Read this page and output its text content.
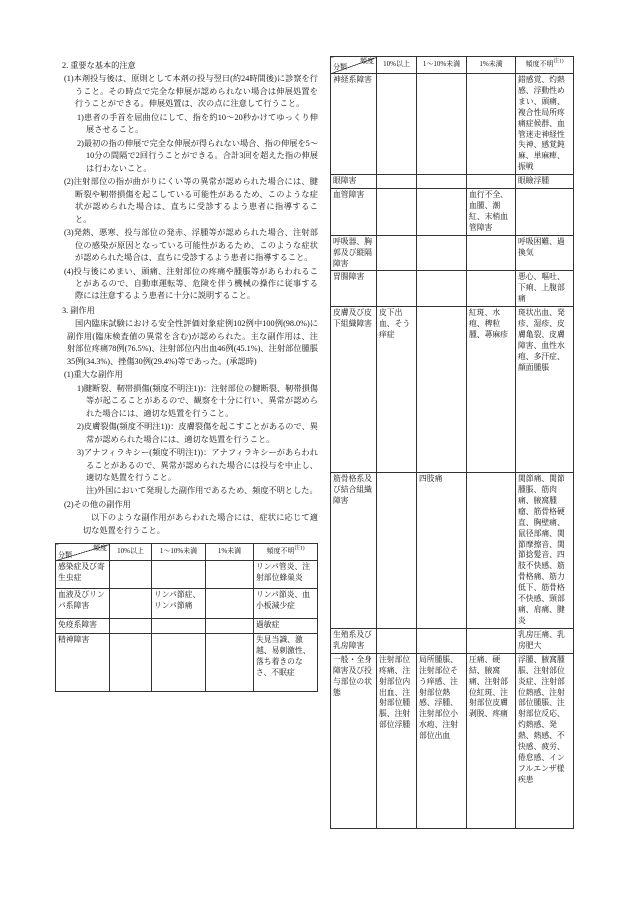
2. 重要な基本的注意
(1)本剤投与後は、原則として本剤の投与翌日(約24時間後)に診察を行うこと。その時点で完全な伸展が認められない場合は伸展処置を行うことができる。伸展処置は、次の点に注意して行うこと。
1)患者の手首を屈曲位にして、指を約10～20秒かけてゆっくり伸展させること。
2)最初の指の伸展で完全な伸展が得られない場合、指の伸展を5～10分の間隔で2回行うことができる。合計3回を超えた指の伸展は行わないこと。
(2)注射部位の指が曲がりにくい等の異常が認められた場合には、腱断裂や靭帯損傷を起こしている可能性があるため、このような症状が認められた場合は、直ちに受診するよう患者に指導すること。
(3)発熱、悪寒、投与部位の発赤、浮腫等が認められた場合、注射部位の感染が原因となっている可能性があるため、このような症状が認められた場合は、直ちに受診するよう患者に指導すること。
(4)投与後にめまい、頭痛、注射部位の疼痛や腫脹等があらわれることがあるので、自動車運転等、危険を伴う機械の操作に従事する際には注意するよう患者に十分に説明すること。
3. 副作用
国内臨床試験における安全性評価対象症例102例中100例(98.0%)に副作用(臨床検査値の異常を含む)が認められた。主な副作用は、注射部位疼痛78例(76.5%)、注射部位内出血46例(45.1%)、注射部位腫脹35例(34.3%)、挫傷30例(29.4%)等であった。(承認時)
(1)重大な副作用
1)腱断裂、靭帯損傷(頻度不明注1))：注射部位の腱断裂、靭帯損傷等が起こることがあるので、観察を十分に行い、異常が認められた場合には、適切な処置を行うこと。
2)皮膚裂傷(頻度不明注1))：皮膚裂傷を起こすことがあるので、異常が認められた場合には、適切な処置を行うこと。
3)アナフィラキシー(頻度不明注1))：アナフィラキシーがあらわれることがあるので、異常が認められた場合には投与を中止し、適切な処置を行うこと。
注)外国において発現した副作用であるため、頻度不明とした。
(2)その他の副作用
以下のような副作用があらわれた場合には、症状に応じて適切な処置を行うこと。
頻度
分類	10%以上	1～10%未満	1%未満	頻度不明$^{注1)}$
感染症及び寄生虫症				リンパ管炎、注射部位蜂巣炎
血液及びリンパ系障害		リンパ節症、リンパ節痛		リンパ節炎、血小板減少症
免疫系障害				過敏症
精神障害				失見当識、激越、易刺激性、落ち着きのなさ、不眠症
頻度
分類	10%以上	1～10%未満	1%未満	頻度不明$^{注1)}$
神経系障害				錯感覚、灼熱感、浮動性めまい、頭痛、複合性局所疼痛症候群、血管迷走神経性失神、感覚鈍麻、単麻痺、振戦
眼障害				眼瞼浮腫
血管障害			血行不全、血腫、潮紅、末梢血管障害	
呼吸器、胸郭及び縦隔障害				呼吸困難、過換気
胃腸障害				悪心、嘔吐、下痢、上腹部痛
皮膚及び皮下組織障害	皮下出血、そう痒症		紅斑、水疱、稗粒腫、蕁麻疹	斑状出血、発疹、湿疹、皮膚亀裂、皮膚障害、血性水疱、多汗症、顔面腫脹
筋骨格系及び結合組織障害		四肢痛		関節痛、関節腫脹、筋肉痛、腋窩腫瘤、筋骨格硬直、胸壁痛、鼠径部痛、関節摩擦音、関節捻髪音、四肢不快感、筋骨格痛、筋力低下、筋骨格不快感、頸部痛、肩痛、腱炎
生殖系及び乳房障害				乳房圧痛、乳房肥大
一般・全身障害及び投与部位の状態	注射部位疼痛、注射部位内出血、注射部位腫脹、注射部位浮腫	局所腫脹、注射部位そう痒感、注射部位熱感、浮腫、注射部位小水疱、注射部位出血	圧痛、硬結、腋窩痛、注射部位紅斑、注射部位皮膚剥脱、疼痛	浮腫、腋窩腫脹、注射部位炎症、注射部位熱感、注射部位腫脹、注射部位反応、灼熱感、発熱、熱感、不快感、疲労、倦怠感、インフルエンザ様疾患
